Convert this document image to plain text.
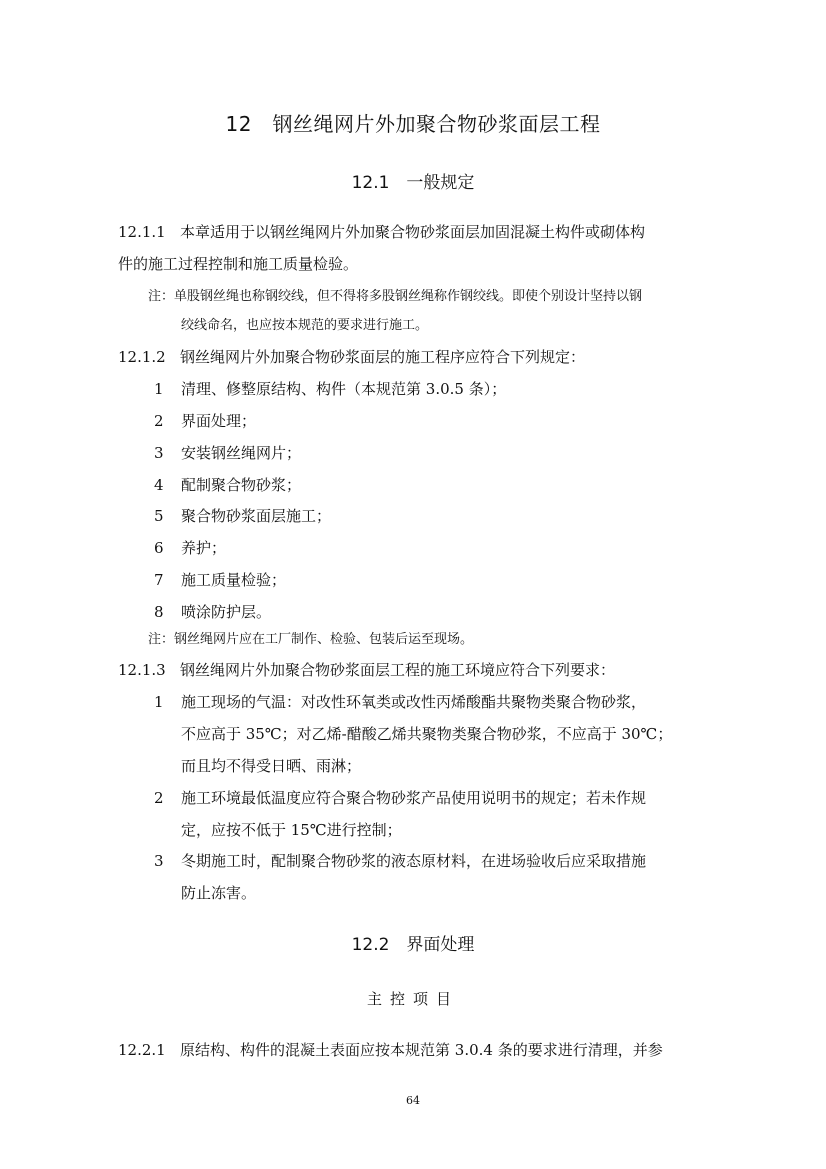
12　钢丝绳网片外加聚合物砂浆面层工程
12.1　一般规定
12.1.1 本章适用于以钢丝绳网片外加聚合物砂浆面层加固混凝土构件或砌体构
件的施工过程控制和施工质量检验。
注：单股钢丝绳也称钢绞线，但不得将多股钢丝绳称作钢绞线。即使个别设计坚持以钢
绞线命名，也应按本规范的要求进行施工。
12.1.2 钢丝绳网片外加聚合物砂浆面层的施工程序应符合下列规定：
1 清理、修整原结构、构件（本规范第 3.0.5 条）；
2 界面处理；
3 安装钢丝绳网片；
4 配制聚合物砂浆；
5 聚合物砂浆面层施工；
6 养护；
7 施工质量检验；
8 喷涂防护层。
注：钢丝绳网片应在工厂制作、检验、包装后运至现场。
12.1.3 钢丝绳网片外加聚合物砂浆面层工程的施工环境应符合下列要求：
1 施工现场的气温：对改性环氧类或改性丙烯酸酯共聚物类聚合物砂浆，
不应高于 35℃；对乙烯-醋酸乙烯共聚物类聚合物砂浆，不应高于 30℃；
而且均不得受日晒、雨淋；
2 施工环境最低温度应符合聚合物砂浆产品使用说明书的规定；若未作规
定，应按不低于 15℃进行控制；
3 冬期施工时，配制聚合物砂浆的液态原材料，在进场验收后应采取措施
防止冻害。
12.2　界面处理
主控项目
12.2.1 原结构、构件的混凝土表面应按本规范第 3.0.4 条的要求进行清理，并参
64
